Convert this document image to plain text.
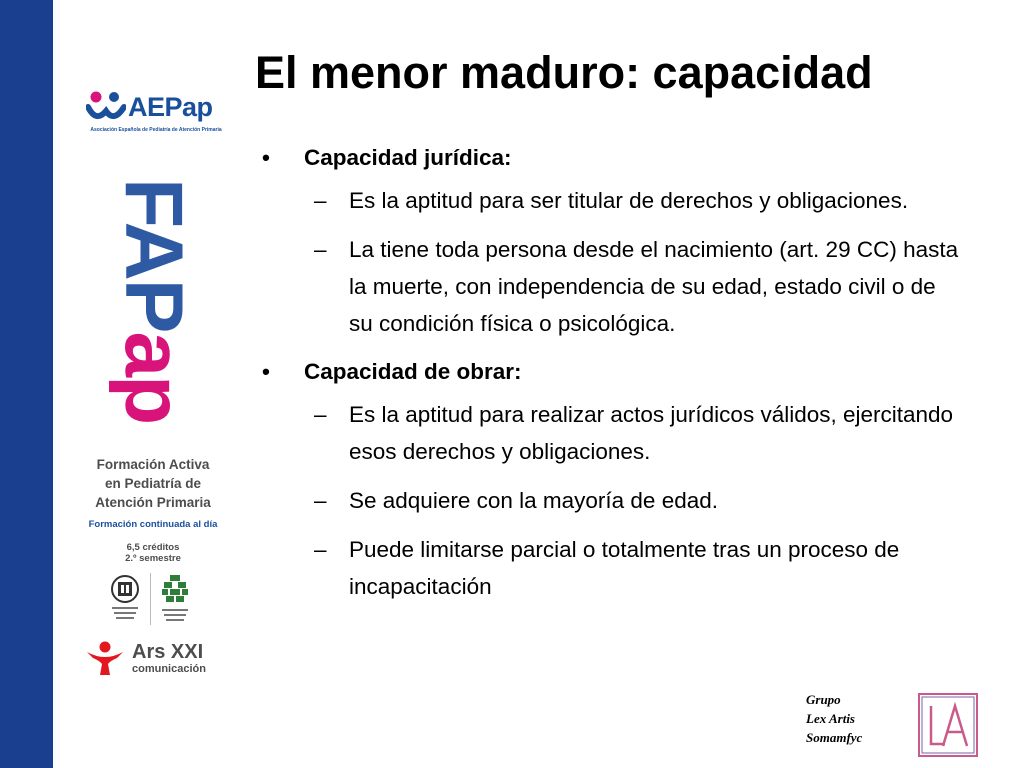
AEPap
Asociación Española de Pediatría de Atención Primaria
FAPap
Formación Activa
en Pediatría de
Atención Primaria
Formación continuada al día
6,5 créditos
2.º semestre
Ars XXI
comunicación
El menor maduro: capacidad
• Capacidad jurídica:
– Es la aptitud para ser titular de derechos y obligaciones.
– La tiene toda persona desde el nacimiento (art. 29 CC) hasta la muerte, con independencia de su edad, estado civil o de su condición física o psicológica.
• Capacidad de obrar:
– Es la aptitud para realizar actos jurídicos válidos, ejercitando esos derechos y obligaciones.
– Se adquiere con la mayoría de edad.
– Puede limitarse parcial o totalmente tras un proceso de incapacitación
Grupo
Lex Artis
Somamfyc
